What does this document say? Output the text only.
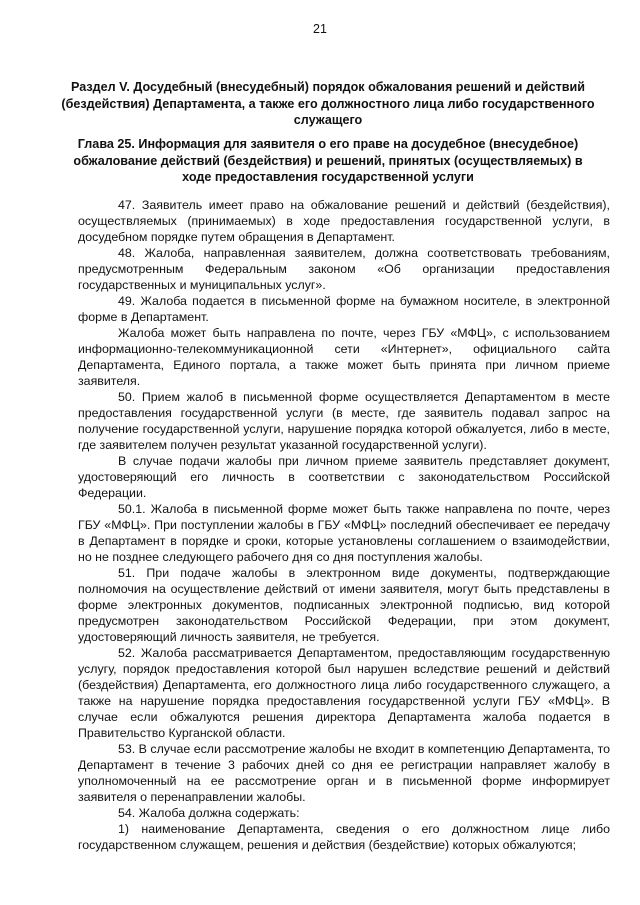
21
Раздел V. Досудебный (внесудебный) порядок обжалования решений и действий (бездействия) Департамента, а также его должностного лица либо государственного служащего
Глава 25. Информация для заявителя о его праве на досудебное (внесудебное) обжалование действий (бездействия) и решений, принятых (осуществляемых) в ходе предоставления государственной услуги

47. Заявитель имеет право на обжалование решений и действий (бездействия), осуществляемых (принимаемых) в ходе предоставления государственной услуги, в досудебном порядке путем обращения в Департамент.

48. Жалоба, направленная заявителем, должна соответствовать требованиям, предусмотренным Федеральным законом «Об организации предоставления государственных и муниципальных услуг».

49. Жалоба подается в письменной форме на бумажном носителе, в электронной форме в Департамент.

Жалоба может быть направлена по почте, через ГБУ «МФЦ», с использованием информационно-телекоммуникационной сети «Интернет», официального сайта Департамента, Единого портала, а также может быть принята при личном приеме заявителя.

50. Прием жалоб в письменной форме осуществляется Департаментом в месте предоставления государственной услуги (в месте, где заявитель подавал запрос на получение государственной услуги, нарушение порядка которой обжалуется, либо в месте, где заявителем получен результат указанной государственной услуги).

В случае подачи жалобы при личном приеме заявитель представляет документ, удостоверяющий его личность в соответствии с законодательством Российской Федерации.

50.1. Жалоба в письменной форме может быть также направлена по почте, через ГБУ «МФЦ». При поступлении жалобы в ГБУ «МФЦ» последний обеспечивает ее передачу в Департамент в порядке и сроки, которые установлены соглашением о взаимодействии, но не позднее следующего рабочего дня со дня поступления жалобы.

51. При подаче жалобы в электронном виде документы, подтверждающие полномочия на осуществление действий от имени заявителя, могут быть представлены в форме электронных документов, подписанных электронной подписью, вид которой предусмотрен законодательством Российской Федерации, при этом документ, удостоверяющий личность заявителя, не требуется.

52. Жалоба рассматривается Департаментом, предоставляющим государственную услугу, порядок предоставления которой был нарушен вследствие решений и действий (бездействия) Департамента, его должностного лица либо государственного служащего, а также на нарушение порядка предоставления государственной услуги ГБУ «МФЦ». В случае если обжалуются решения директора Департамента жалоба подается в Правительство Курганской области.

53. В случае если рассмотрение жалобы не входит в компетенцию Департамента, то Департамент в течение 3 рабочих дней со дня ее регистрации направляет жалобу в уполномоченный на ее рассмотрение орган и в письменной форме информирует заявителя о перенаправлении жалобы.

54. Жалоба должна содержать:

1) наименование Департамента, сведения о его должностном лице либо государственном служащем, решения и действия (бездействие) которых обжалуются;
